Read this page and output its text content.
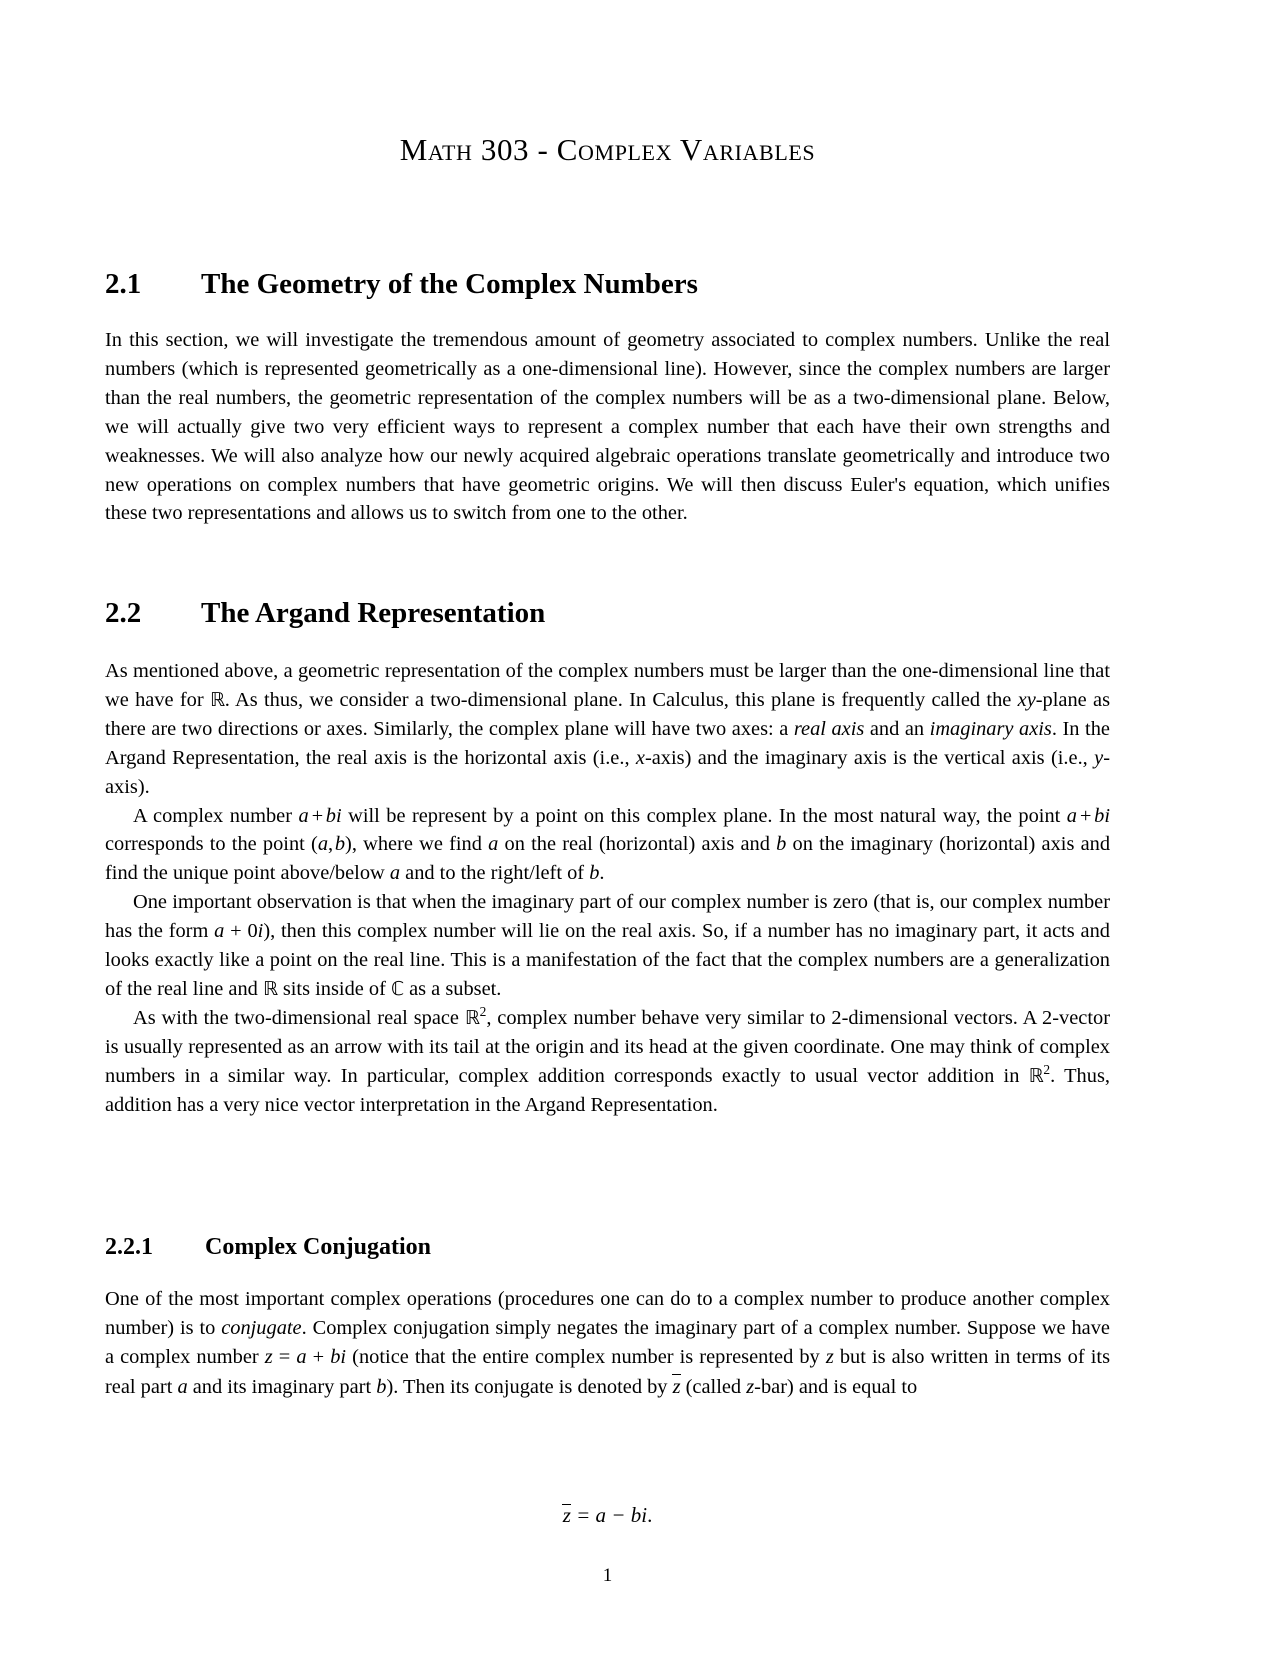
Math 303 - Complex Variables
2.1	The Geometry of the Complex Numbers

In this section, we will investigate the tremendous amount of geometry associated to complex numbers. Unlike the real numbers (which is represented geometrically as a one-dimensional line). However, since the complex numbers are larger than the real numbers, the geometric representation of the complex numbers will be as a two-dimensional plane. Below, we will actually give two very efficient ways to represent a complex number that each have their own strengths and weaknesses. We will also analyze how our newly acquired algebraic operations translate geometrically and introduce two new operations on complex numbers that have geometric origins. We will then discuss Euler's equation, which unifies these two representations and allows us to switch from one to the other.

2.2	The Argand Representation

As mentioned above, a geometric representation of the complex numbers must be larger than the one-dimensional line that we have for ℝ. As thus, we consider a two-dimensional plane. In Calculus, this plane is frequently called the xy-plane as there are two directions or axes. Similarly, the complex plane will have two axes: a real axis and an imaginary axis. In the Argand Representation, the real axis is the horizontal axis (i.e., x-axis) and the imaginary axis is the vertical axis (i.e., y-axis).

A complex number a + bi will be represent by a point on this complex plane. In the most natural way, the point a + bi corresponds to the point (a, b), where we find a on the real (horizontal) axis and b on the imaginary (horizontal) axis and find the unique point above/below a and to the right/left of b.

One important observation is that when the imaginary part of our complex number is zero (that is, our complex number has the form a + 0i), then this complex number will lie on the real axis. So, if a number has no imaginary part, it acts and looks exactly like a point on the real line. This is a manifestation of the fact that the complex numbers are a generalization of the real line and ℝ sits inside of ℂ as a subset.

As with the two-dimensional real space ℝ$^2$, complex number behave very similar to 2-dimensional vectors. A 2-vector is usually represented as an arrow with its tail at the origin and its head at the given coordinate. One may think of complex numbers in a similar way. In particular, complex addition corresponds exactly to usual vector addition in ℝ$^2$. Thus, addition has a very nice vector interpretation in the Argand Representation.

2.2.1	Complex Conjugation

One of the most important complex operations (procedures one can do to a complex number to produce another complex number) is to conjugate. Complex conjugation simply negates the imaginary part of a complex number. Suppose we have a complex number z = a + bi (notice that the entire complex number is represented by z but is also written in terms of its real part a and its imaginary part b). Then its conjugate is denoted by z (called z-bar) and is equal to

z = a − bi.
1
